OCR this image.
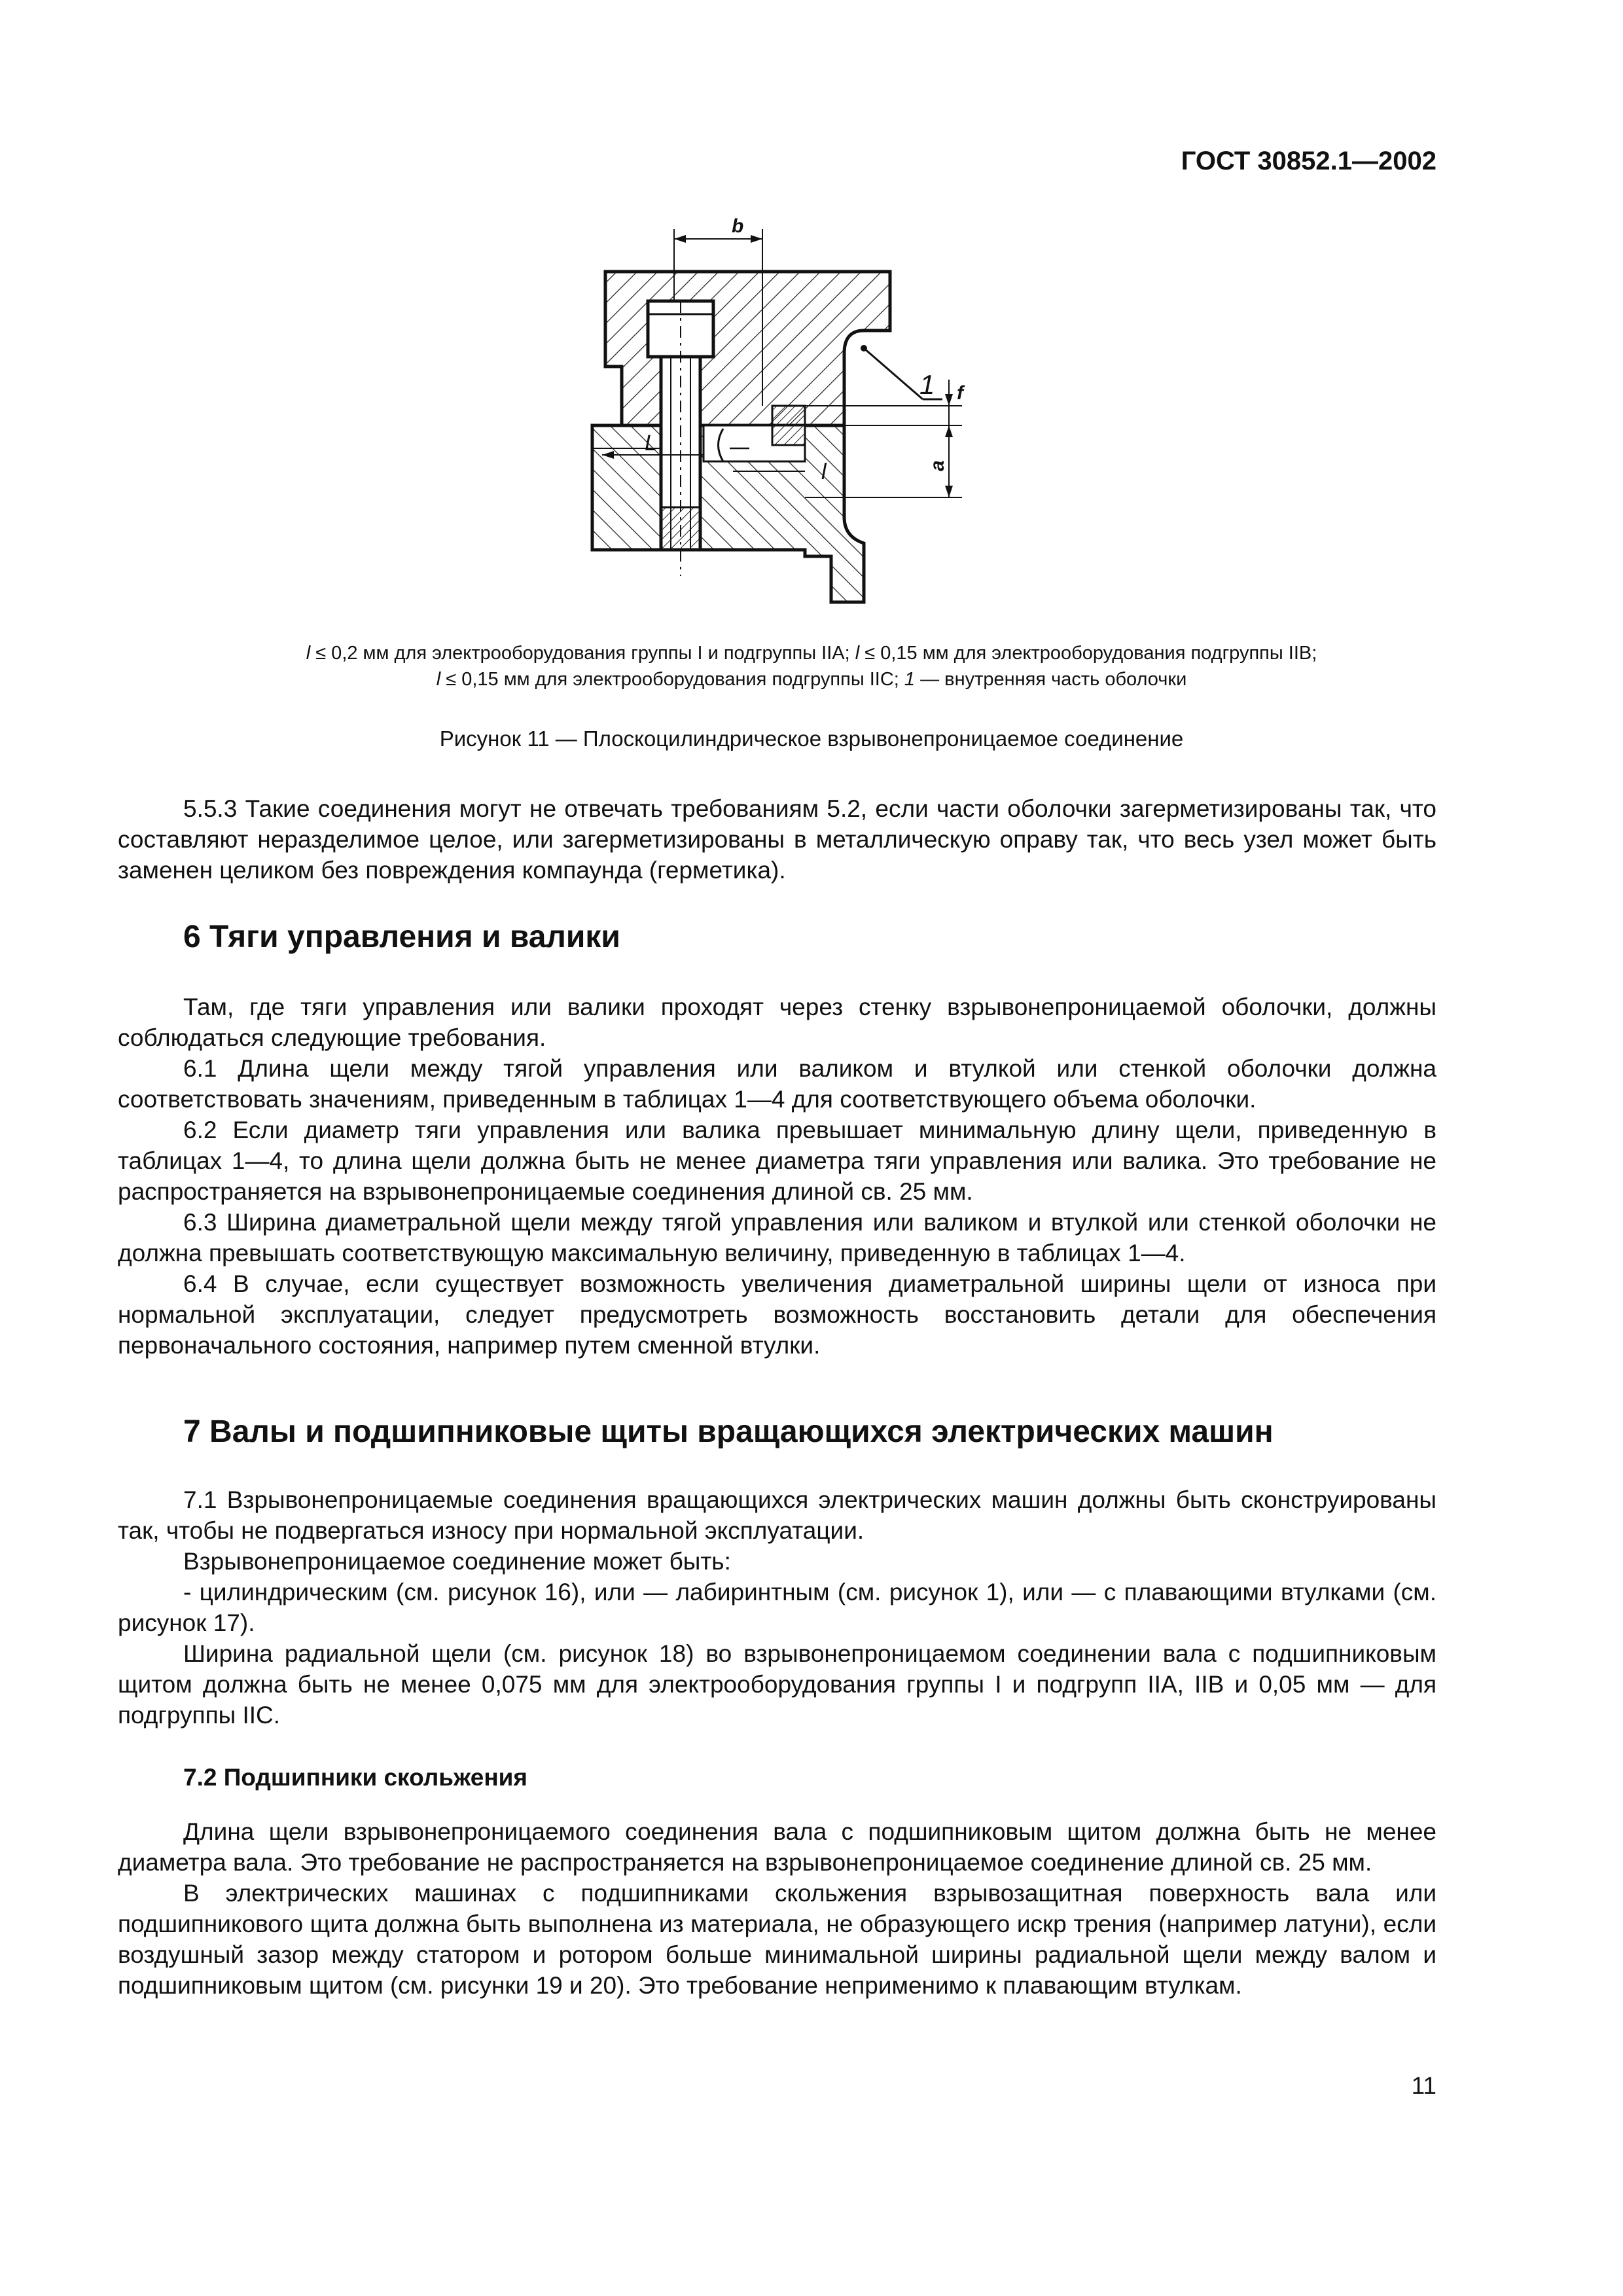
ГОСТ 30852.1—2002
b
L
l
f
a
1
l ≤ 0,2 мм для электрооборудования группы I и подгруппы IIA; l ≤ 0,15 мм для электрооборудования подгруппы IIB;
l ≤ 0,15 мм для электрооборудования подгруппы IIC; 1 — внутренняя часть оболочки
Рисунок 11 — Плоскоцилиндрическое взрывонепроницаемое соединение

5.5.3 Такие соединения могут не отвечать требованиям 5.2, если части оболочки загерметизированы так, что составляют неразделимое целое, или загерметизированы в металлическую оправу так, что весь узел может быть заменен целиком без повреждения компаунда (герметика).

6 Тяги управления и валики

Там, где тяги управления или валики проходят через стенку взрывонепроницаемой оболочки, должны соблюдаться следующие требования.

6.1 Длина щели между тягой управления или валиком и втулкой или стенкой оболочки должна соответствовать значениям, приведенным в таблицах 1—4 для соответствующего объема оболочки.

6.2 Если диаметр тяги управления или валика превышает минимальную длину щели, приведенную в таблицах 1—4, то длина щели должна быть не менее диаметра тяги управления или валика. Это требование не распространяется на взрывонепроницаемые соединения длиной св. 25 мм.

6.3 Ширина диаметральной щели между тягой управления или валиком и втулкой или стенкой оболочки не должна превышать соответствующую максимальную величину, приведенную в таблицах 1—4.

6.4 В случае, если существует возможность увеличения диаметральной ширины щели от износа при нормальной эксплуатации, следует предусмотреть возможность восстановить детали для обеспечения первоначального состояния, например путем сменной втулки.

7 Валы и подшипниковые щиты вращающихся электрических машин

7.1 Взрывонепроницаемые соединения вращающихся электрических машин должны быть сконструированы так, чтобы не подвергаться износу при нормальной эксплуатации.

Взрывонепроницаемое соединение может быть:

- цилиндрическим (см. рисунок 16), или — лабиринтным (см. рисунок 1), или — с плавающими втулками (см. рисунок 17).

Ширина радиальной щели (см. рисунок 18) во взрывонепроницаемом соединении вала с подшипниковым щитом должна быть не менее 0,075 мм для электрооборудования группы I и подгрупп IIA, IIB и 0,05 мм — для подгруппы IIC.

7.2 Подшипники скольжения

Длина щели взрывонепроницаемого соединения вала с подшипниковым щитом должна быть не менее диаметра вала. Это требование не распространяется на взрывонепроницаемое соединение длиной св. 25 мм.

В электрических машинах с подшипниками скольжения взрывозащитная поверхность вала или подшипникового щита должна быть выполнена из материала, не образующего искр трения (например латуни), если воздушный зазор между статором и ротором больше минимальной ширины радиальной щели между валом и подшипниковым щитом (см. рисунки 19 и 20). Это требование неприменимо к плавающим втулкам.

11
